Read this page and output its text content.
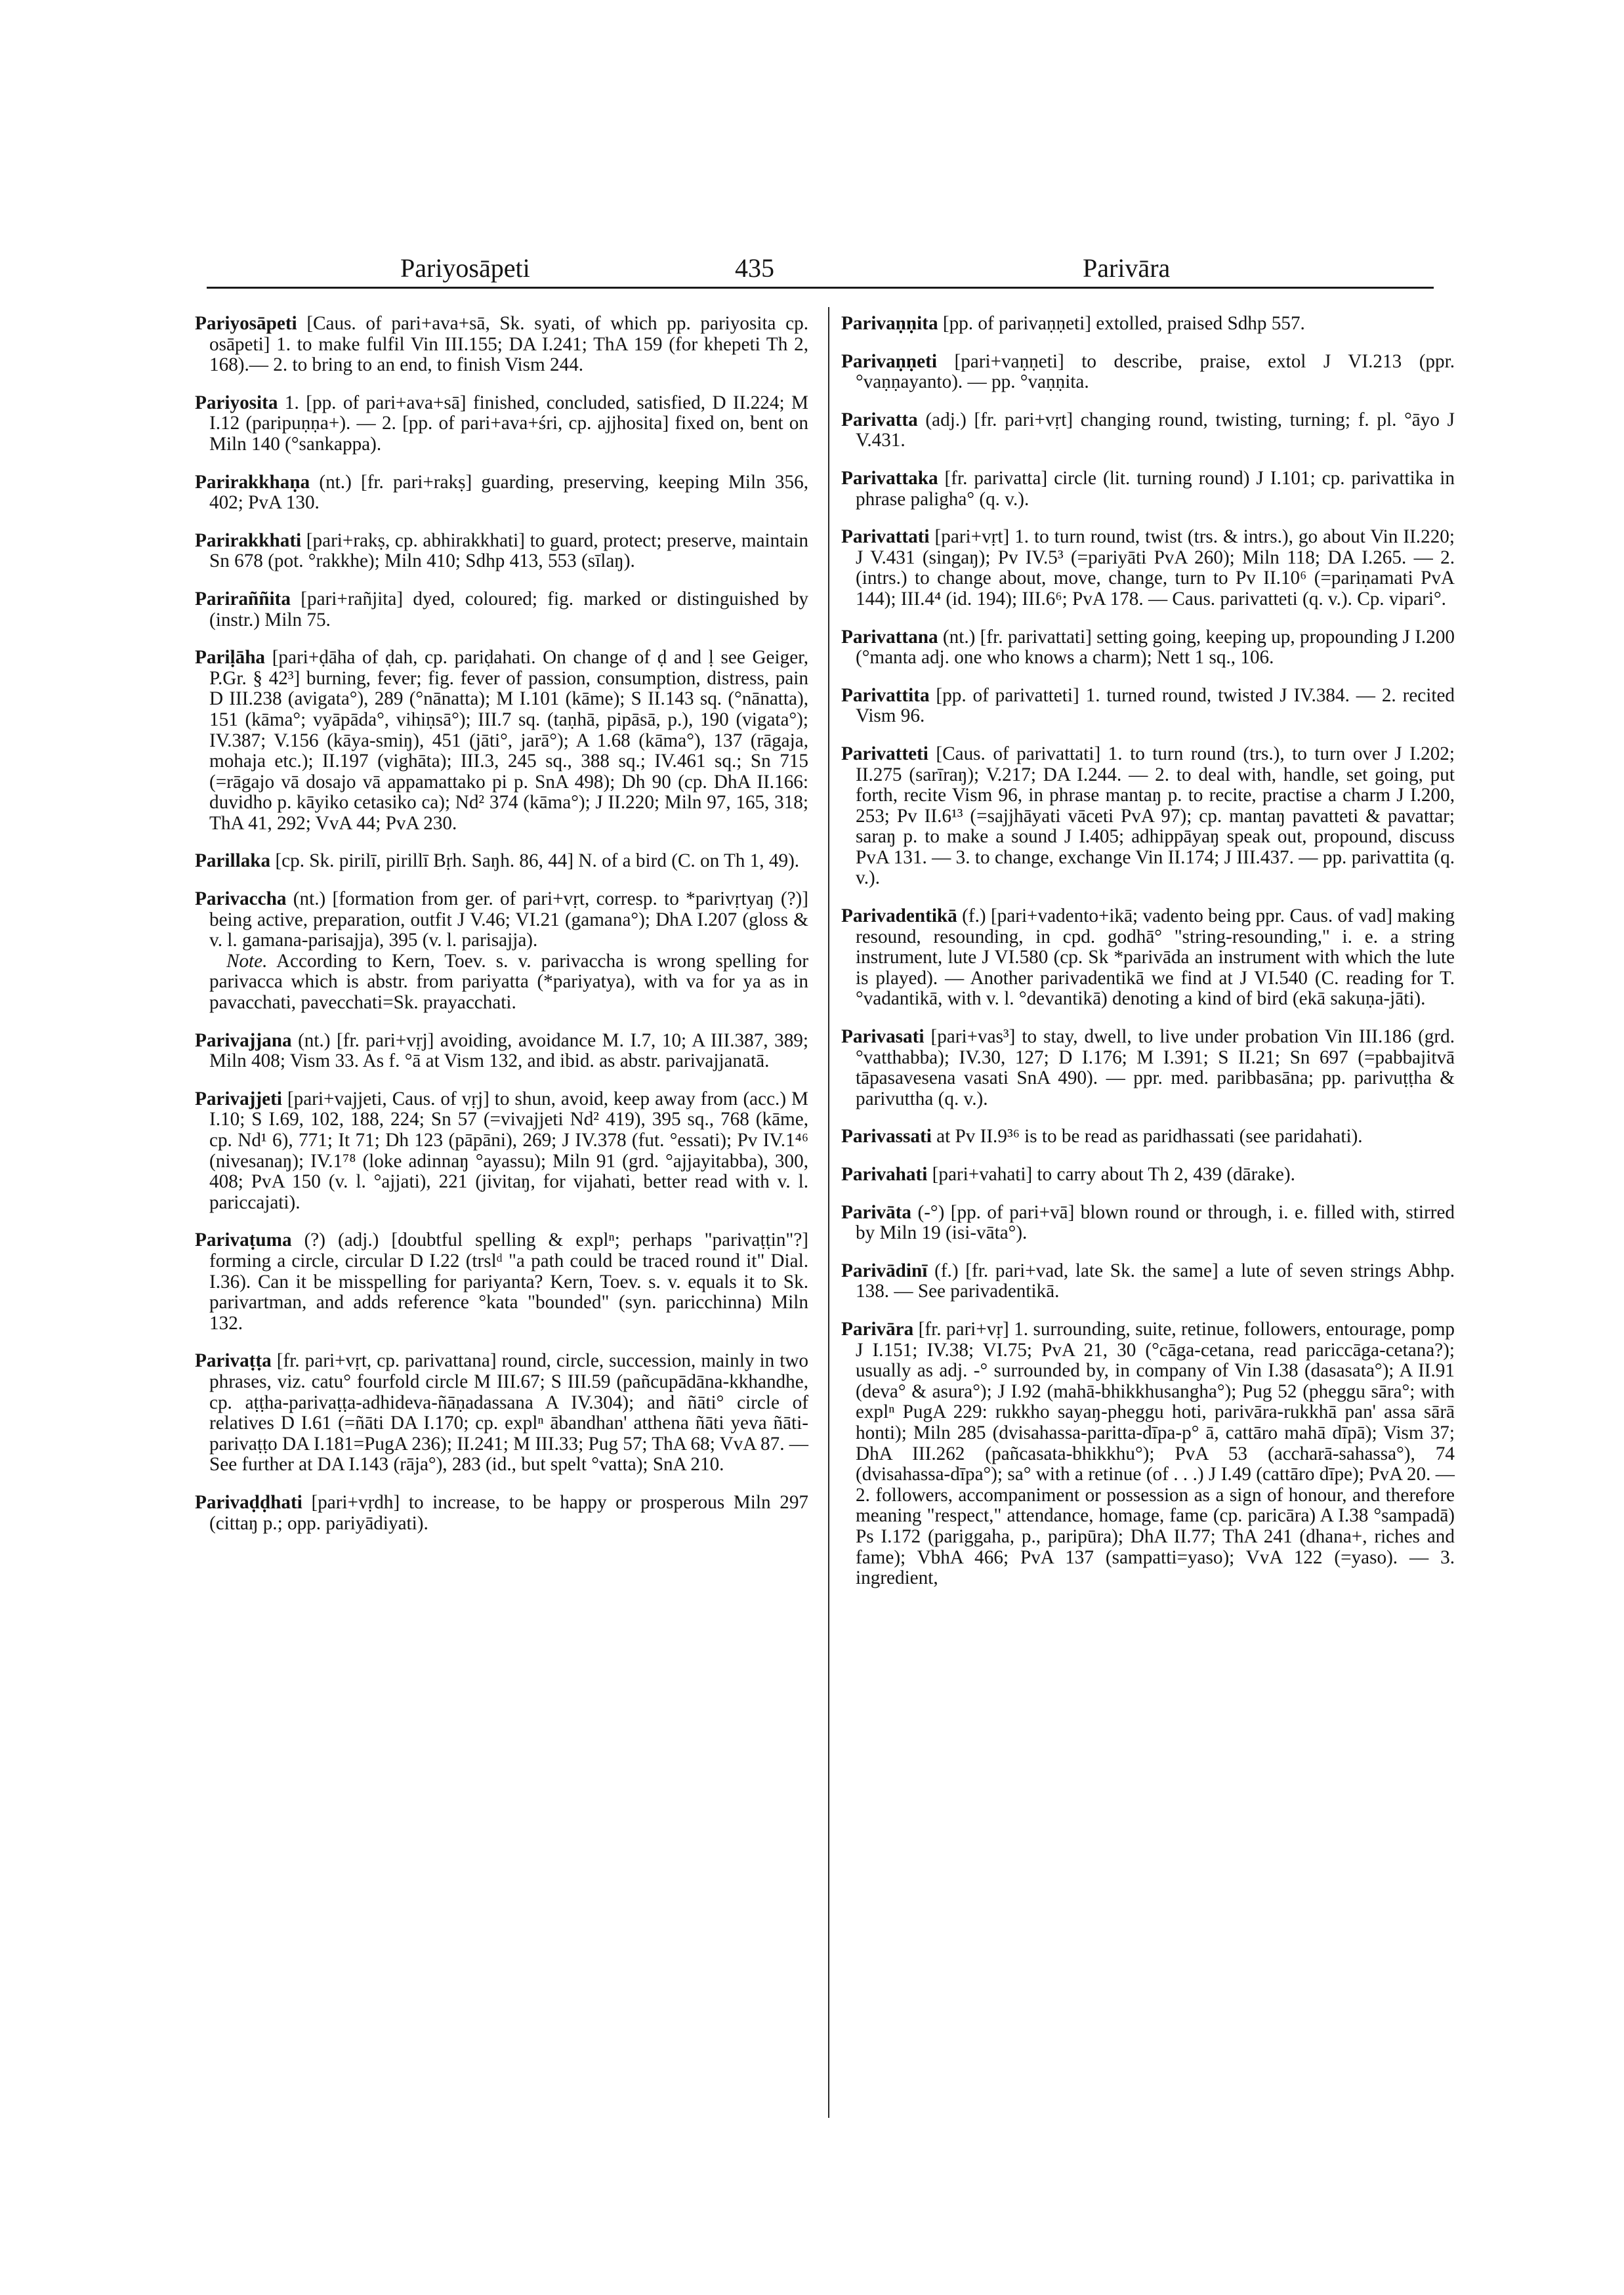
Pariyosāpeti	435	Parivāra

Pariyosāpeti [Caus. of pari+ava+sā, Sk. syati, of which pp. pariyosita cp. osāpeti] 1. to make fulfil Vin III.155; DA I.241; ThA 159 (for khepeti Th 2, 168).— 2. to bring to an end, to finish Vism 244.

Pariyosita 1. [pp. of pari+ava+sā] finished, concluded, satisfied, D II.224; M I.12 (paripuṇṇa+). — 2. [pp. of pari+ava+śri, cp. ajjhosita] fixed on, bent on Miln 140 (°sankappa).

Parirakkhaṇa (nt.) [fr. pari+rakṣ] guarding, preserving, keeping Miln 356, 402; PvA 130.

Parirakkhati [pari+rakṣ, cp. abhirakkhati] to guard, protect; preserve, maintain Sn 678 (pot. °rakkhe); Miln 410; Sdhp 413, 553 (sīlaŋ).

Pariraññita [pari+rañjita] dyed, coloured; fig. marked or distinguished by (instr.) Miln 75.

Pariḷāha [pari+ḍāha of ḍah, cp. pariḍahati. On change of ḍ and ḷ see Geiger, P.Gr. § 42³] burning, fever; fig. fever of passion, consumption, distress, pain D III.238 (avigata°), 289 (°nānatta); M I.101 (kāme); S II.143 sq. (°nānatta), 151 (kāma°; vyāpāda°, vihiṇsā°); III.7 sq. (taṇhā, pipāsā, p.), 190 (vigata°); IV.387; V.156 (kāya-smiŋ), 451 (jāti°, jarā°); A 1.68 (kāma°), 137 (rāgaja, mohaja etc.); II.197 (vighāta); III.3, 245 sq., 388 sq.; IV.461 sq.; Sn 715 (=rāgajo vā dosajo vā appamattako pi p. SnA 498); Dh 90 (cp. DhA II.166: duvidho p. kāyiko cetasiko ca); Nd² 374 (kāma°); J II.220; Miln 97, 165, 318; ThA 41, 292; VvA 44; PvA 230.

Parillaka [cp. Sk. pirilī, pirillī Bṛh. Saŋh. 86, 44] N. of a bird (C. on Th 1, 49).

Parivaccha (nt.) [formation from ger. of pari+vṛt, corresp. to *parivṛtyaŋ (?)] being active, preparation, outfit J V.46; VI.21 (gamana°); DhA I.207 (gloss & v. l. gamana-parisajja), 395 (v. l. parisajja).

Note. According to Kern, Toev. s. v. parivaccha is wrong spelling for parivacca which is abstr. from pariyatta (*pariyatya), with va for ya as in pavacchati, pavecchati=Sk. prayacchati.

Parivajjana (nt.) [fr. pari+vṛj] avoiding, avoidance M. I.7, 10; A III.387, 389; Miln 408; Vism 33. As f. °ā at Vism 132, and ibid. as abstr. parivajjanatā.

Parivajjeti [pari+vajjeti, Caus. of vṛj] to shun, avoid, keep away from (acc.) M I.10; S I.69, 102, 188, 224; Sn 57 (=vivajjeti Nd² 419), 395 sq., 768 (kāme, cp. Nd¹ 6), 771; It 71; Dh 123 (pāpāni), 269; J IV.378 (fut. °essati); Pv IV.1⁴⁶ (nivesanaŋ); IV.1⁷⁸ (loke adinnaŋ °ayassu); Miln 91 (grd. °ajjayitabba), 300, 408; PvA 150 (v. l. °ajjati), 221 (jivitaŋ, for vijahati, better read with v. l. pariccajati).

Parivaṭuma (?) (adj.) [doubtful spelling & explⁿ; perhaps "parivaṭṭin"?] forming a circle, circular D I.22 (trslᵈ "a path could be traced round it" Dial. I.36). Can it be misspelling for pariyanta? Kern, Toev. s. v. equals it to Sk. parivartman, and adds reference °kata "bounded" (syn. paricchinna) Miln 132.

Parivaṭṭa [fr. pari+vṛt, cp. parivattana] round, circle, succession, mainly in two phrases, viz. catu° fourfold circle M III.67; S III.59 (pañcupādāna-kkhandhe, cp. aṭṭha-parivaṭṭa-adhideva-ñāṇadassana A IV.304); and ñāti° circle of relatives D I.61 (=ñāti DA I.170; cp. explⁿ ābandhan' atthena ñāti yeva ñāti-parivaṭṭo DA I.181=PugA 236); II.241; M III.33; Pug 57; ThA 68; VvA 87. — See further at DA I.143 (rāja°), 283 (id., but spelt °vatta); SnA 210.

Parivaḍḍhati [pari+vṛdh] to increase, to be happy or prosperous Miln 297 (cittaŋ p.; opp. pariyādiyati).

Parivaṇṇita [pp. of parivaṇṇeti] extolled, praised Sdhp 557.

Parivaṇṇeti [pari+vaṇṇeti] to describe, praise, extol J VI.213 (ppr. °vaṇṇayanto). — pp. °vaṇṇita.

Parivatta (adj.) [fr. pari+vṛt] changing round, twisting, turning; f. pl. °āyo J V.431.

Parivattaka [fr. parivatta] circle (lit. turning round) J I.101; cp. parivattika in phrase paligha° (q. v.).

Parivattati [pari+vṛt] 1. to turn round, twist (trs. & intrs.), go about Vin II.220; J V.431 (singaŋ); Pv IV.5³ (=pariyāti PvA 260); Miln 118; DA I.265. — 2. (intrs.) to change about, move, change, turn to Pv II.10⁶ (=pariṇamati PvA 144); III.4⁴ (id. 194); III.6⁶; PvA 178. — Caus. parivatteti (q. v.). Cp. vipari°.

Parivattana (nt.) [fr. parivattati] setting going, keeping up, propounding J I.200 (°manta adj. one who knows a charm); Nett 1 sq., 106.

Parivattita [pp. of parivatteti] 1. turned round, twisted J IV.384. — 2. recited Vism 96.

Parivatteti [Caus. of parivattati] 1. to turn round (trs.), to turn over J I.202; II.275 (sarīraŋ); V.217; DA I.244. — 2. to deal with, handle, set going, put forth, recite Vism 96, in phrase mantaŋ p. to recite, practise a charm J I.200, 253; Pv II.6¹³ (=sajjhāyati vāceti PvA 97); cp. mantaŋ pavatteti & pavattar; saraŋ p. to make a sound J I.405; adhippāyaŋ speak out, propound, discuss PvA 131. — 3. to change, exchange Vin II.174; J III.437. — pp. parivattita (q. v.).

Parivadentikā (f.) [pari+vadento+ikā; vadento being ppr. Caus. of vad] making resound, resounding, in cpd. godhā° "string-resounding," i. e. a string instrument, lute J VI.580 (cp. Sk *parivāda an instrument with which the lute is played). — Another parivadentikā we find at J VI.540 (C. reading for T. °vadantikā, with v. l. °devantikā) denoting a kind of bird (ekā sakuṇa-jāti).

Parivasati [pari+vas³] to stay, dwell, to live under probation Vin III.186 (grd. °vatthabba); IV.30, 127; D I.176; M I.391; S II.21; Sn 697 (=pabbajitvā tāpasavesena vasati SnA 490). — ppr. med. paribbasāna; pp. parivuṭṭha & parivuttha (q. v.).

Parivassati at Pv II.9³⁶ is to be read as paridhassati (see paridahati).

Parivahati [pari+vahati] to carry about Th 2, 439 (dārake).

Parivāta (-°) [pp. of pari+vā] blown round or through, i. e. filled with, stirred by Miln 19 (isi-vāta°).

Parivādinī (f.) [fr. pari+vad, late Sk. the same] a lute of seven strings Abhp. 138. — See parivadentikā.

Parivāra [fr. pari+vṛ] 1. surrounding, suite, retinue, followers, entourage, pomp J I.151; IV.38; VI.75; PvA 21, 30 (°cāga-cetana, read pariccāga-cetana?); usually as adj. -° surrounded by, in company of Vin I.38 (dasasata°); A II.91 (deva° & asura°); J I.92 (mahā-bhikkhusangha°); Pug 52 (pheggu sāra°; with explⁿ PugA 229: rukkho sayaŋ-pheggu hoti, parivāra-rukkhā pan' assa sārā honti); Miln 285 (dvisahassa-paritta-dīpa-p° ā, cattāro mahā dīpā); Vism 37; DhA III.262 (pañcasata-bhikkhu°); PvA 53 (accharā-sahassa°), 74 (dvisahassa-dīpa°); sa° with a retinue (of . . .) J I.49 (cattāro dīpe); PvA 20. — 2. followers, accompaniment or possession as a sign of honour, and therefore meaning "respect," attendance, homage, fame (cp. paricāra) A I.38 °sampadā) Ps I.172 (pariggaha, p., paripūra); DhA II.77; ThA 241 (dhana+, riches and fame); VbhA 466; PvA 137 (sampatti=yaso); VvA 122 (=yaso). — 3. ingredient,
